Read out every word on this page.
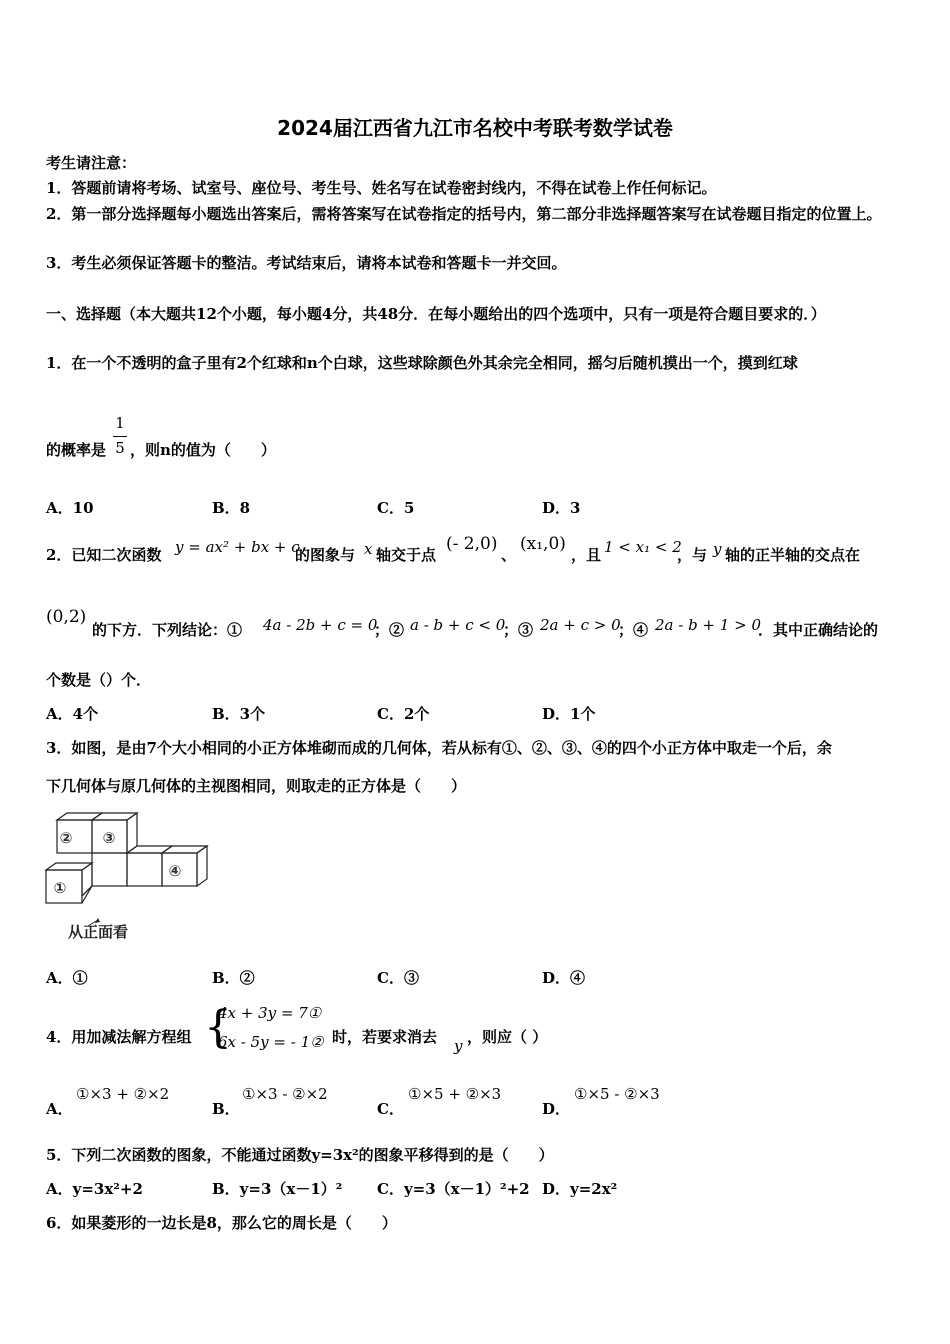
2024届江西省九江市名校中考联考数学试卷
考生请注意：
1．答题前请将考场、试室号、座位号、考生号、姓名写在试卷密封线内，不得在试卷上作任何标记。
2．第一部分选择题每小题选出答案后，需将答案写在试卷指定的括号内，第二部分非选择题答案写在试卷题目指定的位置上。
3．考生必须保证答题卡的整洁。考试结束后，请将本试卷和答题卡一并交回。
一、选择题（本大题共12个小题，每小题4分，共48分．在每小题给出的四个选项中，只有一项是符合题目要求的．）
1．在一个不透明的盒子里有2个红球和n个白球，这些球除颜色外其余完全相同，摇匀后随机摸出一个，摸到红球
的概率是
1
5 ，则n的值为（　　）
A．10	B．8	C．5	D．3
2．已知二次函数 y = ax² + bx + c
的图象与 x 轴交于点
(- 2,0)
、
(x₁,0)
，且 1 < x₁ < 2
，与 y 轴的正半轴的交点在
(0,2)
的下方．下列结论：① 4a - 2b + c = 0
；② a - b + c < 0
；③ 2a + c > 0
；④ 2a - b + 1 > 0
．其中正确结论的
个数是（）个．
A．4个	B．3个	C．2个	D．1个
3．如图，是由7个大小相同的小正方体堆砌而成的几何体，若从标有①、②、③、④的四个小正方体中取走一个后，余
下几何体与原几何体的主视图相同，则取走的正方体是（　　）
② ③
①
④
从正面看
A．①	B．②	C．③	D．④
4．用加减法解方程组 {
4x + 3y = 7①
6x - 5y = - 1② 时，若要求消去 y ，则应（ ）
A．
①×3 + ②×2
B．
①×3 - ②×2
C．
①×5 + ②×3
D．
①×5 - ②×3
5．下列二次函数的图象，不能通过函数y=3x²的图象平移得到的是（　　）
A．y=3x²+2	B．y=3（x－1）² C．y=3（x－1）²+2 D．y=2x²
6．如果菱形的一边长是8，那么它的周长是（　　）
